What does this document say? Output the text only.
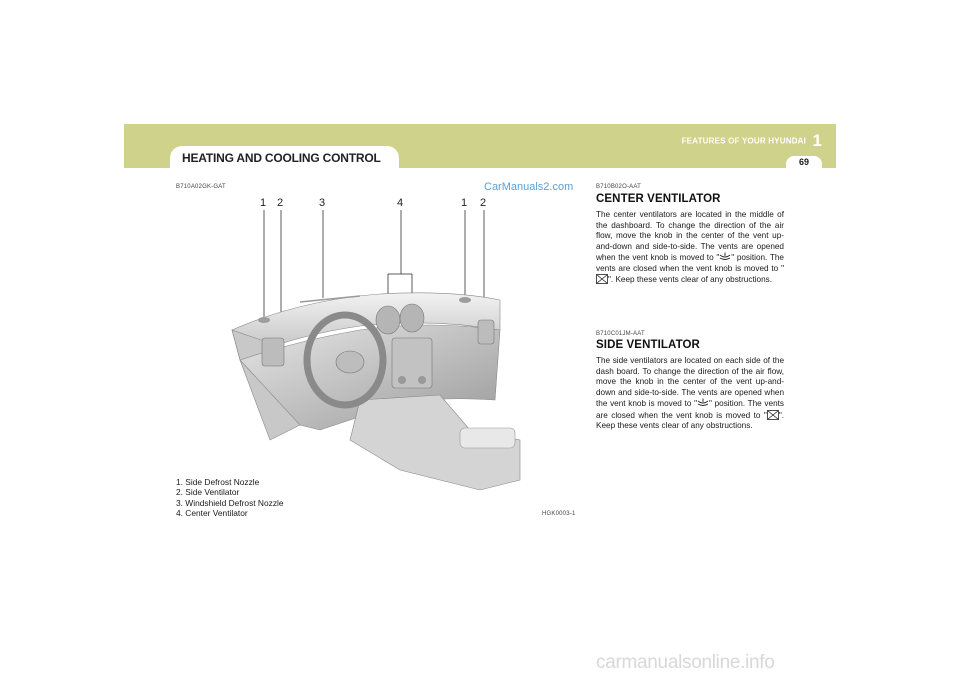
HEATING AND COOLING CONTROL
FEATURES OF YOUR HYUNDAI 1
69
B710A02GK-GAT	CarManuals2.com
1 2	3	4	1 2
1. Side Defrost Nozzle
2. Side Ventilator
3. Windshield Defrost Nozzle
4. Center Ventilator	HGK0003-1
B710B02O-AAT
CENTER VENTILATOR
The center ventilators are located in the middle of the dashboard. To change the direction of the air flow, move the knob in the center of the vent up-and-down and side-to-side. The vents are opened when the vent knob is moved to " " position. The vents are closed when the vent knob is moved to "". Keep these vents clear of any obstructions.
B710C01JM-AAT
SIDE VENTILATOR
The side ventilators are located on each side of the dash board. To change the direction of the air flow, move the knob in the center of the vent up-and-down and side-to-side. The vents are opened when the vent knob is moved to " " position. The vents are closed when the vent knob is moved to " ". Keep these vents clear of any obstructions.
carmanualsonline.info
